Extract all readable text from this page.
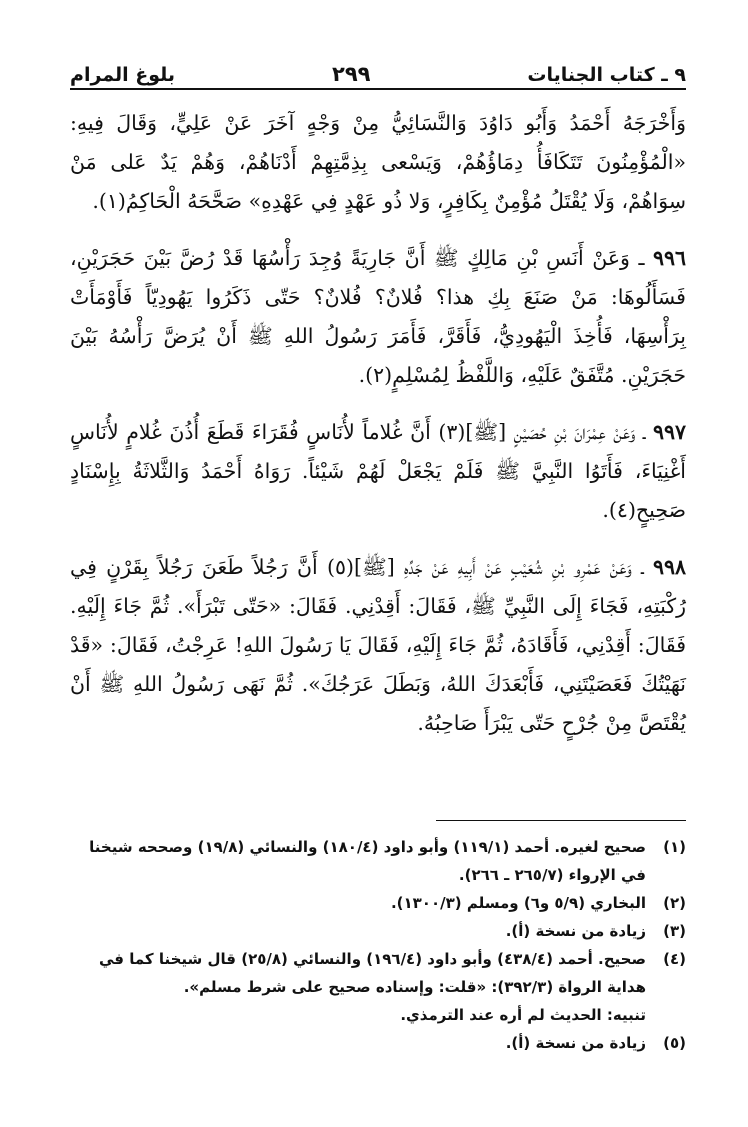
٩ ـ كتاب الجنايات
٢٩٩
بلوغ المرام

وَأَخْرَجَهُ أَحْمَدُ وَأَبُو دَاوُدَ وَالنَّسَائِيُّ مِنْ وَجْهٍ آخَرَ عَنْ عَلِيٍّ، وَقَالَ فِيهِ: «الْمُؤْمِنُونَ تَتَكَافَأُ دِمَاؤُهُمْ، وَيَسْعى بِذِمَّتِهِمْ أَدْنَاهُمْ، وَهُمْ يَدٌ عَلى مَنْ سِوَاهُمْ، وَلَا يُقْتَلُ مُؤْمِنٌ بِكَافِرٍ، وَلا ذُو عَهْدٍ فِي عَهْدِهِ» صَحَّحَهُ الْحَاكِمُ(١).

٩٩٦ ـ وَعَنْ أَنَسِ بْنِ مَالِكٍ ﷺ أَنَّ جَارِيَةً وُجِدَ رَأْسُهَا قَدْ رُضَّ بَيْنَ حَجَرَيْنِ، فَسَأَلُوهَا: مَنْ صَنَعَ بِكِ هذا؟ فُلانٌ؟ فُلانٌ؟ حَتّى ذَكَرُوا يَهُودِيّاً فَأَوْمَأَتْ بِرَأْسِهَا، فَأُخِذَ الْيَهُودِيُّ، فَأَقَرَّ، فَأَمَرَ رَسُولُ اللهِ ﷺ أَنْ يُرَضَّ رَأْسُهُ بَيْنَ حَجَرَيْنِ. مُتَّفَقٌ عَلَيْهِ، وَاللَّفْظُ لِمُسْلِمٍ(٢).

٩٩٧ ـ وَعَنْ عِمْرَانَ بْنِ حُصَيْنٍ [ﷺ](٣) أَنَّ غُلاماً لأُنَاسٍ فُقَرَاءَ قَطَعَ أُذُنَ غُلامٍ لأُنَاسٍ أَغْنِيَاءَ، فَأَتَوُا النَّبِيَّ ﷺ فَلَمْ يَجْعَلْ لَهُمْ شَيْئاً. رَوَاهُ أَحْمَدُ وَالثَّلاثَةُ بِإِسْنَادٍ صَحِيحٍ(٤).

٩٩٨ ـ وَعَنْ عَمْرِو بْنِ شُعَيْبٍ عَنْ أَبِيهِ عَنْ جَدِّهِ [ﷺ](٥) أَنَّ رَجُلاً طَعَنَ رَجُلاً بِقَرْنٍ فِي رُكْبَتِهِ، فَجَاءَ إِلَى النَّبِيِّ ﷺ، فَقَالَ: أَقِدْنِي. فَقَالَ: «حَتّى تَبْرَأَ». ثُمَّ جَاءَ إِلَيْهِ. فَقَالَ: أَقِدْنِي، فَأَقَادَهُ، ثُمَّ جَاءَ إِلَيْهِ، فَقَالَ يَا رَسُولَ اللهِ! عَرِجْتُ، فَقَالَ: «قَدْ نَهَيْتُكَ فَعَصَيْتَنِي، فَأَبْعَدَكَ اللهُ، وَبَطَلَ عَرَجُكَ». ثُمَّ نَهَى رَسُولُ اللهِ ﷺ أَنْ يُقْتَصَّ مِنْ جُرْحٍ حَتّى يَبْرَأَ صَاحِبُهُ.

(١)
صحيح لغيره. أحمد (١١٩/١) وأبو داود (١٨٠/٤) والنسائي (١٩/٨) وصححه شيخنا في الإرواء (٢٦٥/٧ ـ ٢٦٦).
(٢)
البخاري (٥/٩ و٦) ومسلم (١٣٠٠/٣).
(٣)
زيادة من نسخة (أ).
(٤)
صحيح. أحمد (٤٣٨/٤) وأبو داود (١٩٦/٤) والنسائي (٢٥/٨) قال شيخنا كما في هداية الرواة (٣٩٢/٣): «قلت: وإسناده صحيح على شرط مسلم».
تنبيه: الحديث لم أره عند الترمذي.
(٥)
زيادة من نسخة (أ).
